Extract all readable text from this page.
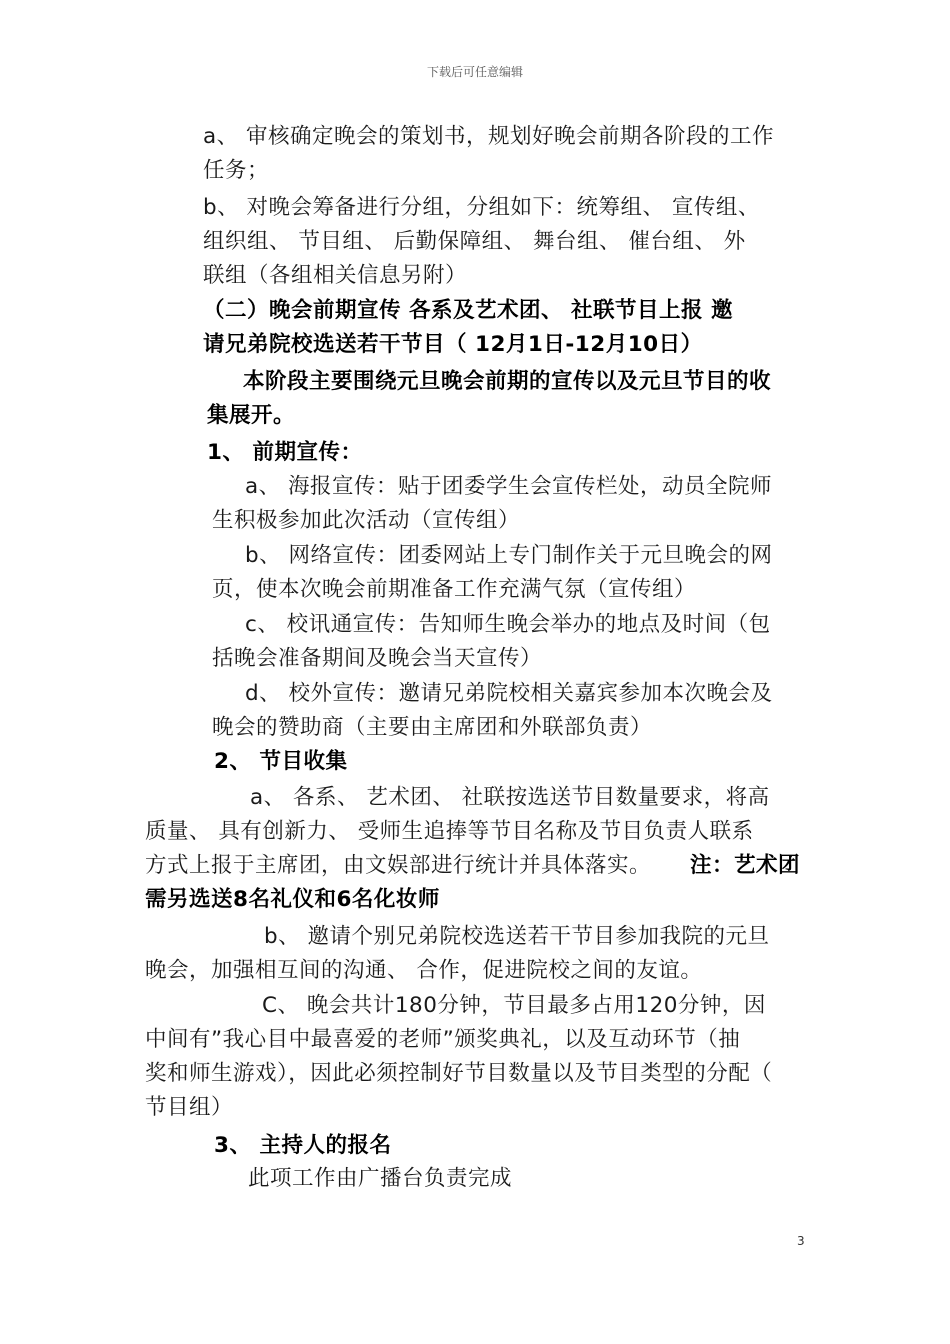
下载后可任意编辑
a、 审核确定晚会的策划书，规划好晚会前期各阶段的工作
任务；
b、 对晚会筹备进行分组，分组如下：统筹组、 宣传组、
组织组、 节目组、 后勤保障组、 舞台组、 催台组、 外
联组（各组相关信息另附）
（二）晚会前期宣传 各系及艺术团、 社联节目上报 邀
请兄弟院校选送若干节目（ 12月1日-12月10日）
本阶段主要围绕元旦晚会前期的宣传以及元旦节目的收
集展开。
1、 前期宣传：
a、 海报宣传：贴于团委学生会宣传栏处，动员全院师
生积极参加此次活动（宣传组）
b、 网络宣传：团委网站上专门制作关于元旦晚会的网
页，使本次晚会前期准备工作充满气氛（宣传组）
c、 校讯通宣传：告知师生晚会举办的地点及时间（包
括晚会准备期间及晚会当天宣传）
d、 校外宣传：邀请兄弟院校相关嘉宾参加本次晚会及
晚会的赞助商（主要由主席团和外联部负责）
2、 节目收集
a、 各系、 艺术团、 社联按选送节目数量要求，将高
质量、 具有创新力、 受师生追捧等节目名称及节目负责人联系
方式上报于主席团，由文娱部进行统计并具体落实。 注：艺术团
需另选送8名礼仪和6名化妆师
b、 邀请个别兄弟院校选送若干节目参加我院的元旦
晚会，加强相互间的沟通、 合作，促进院校之间的友谊。
C、 晚会共计180分钟，节目最多占用120分钟，因
中间有”我心目中最喜爱的老师”颁奖典礼，以及互动环节（抽
奖和师生游戏），因此必须控制好节目数量以及节目类型的分配（
节目组）
3、 主持人的报名
此项工作由广播台负责完成
3
